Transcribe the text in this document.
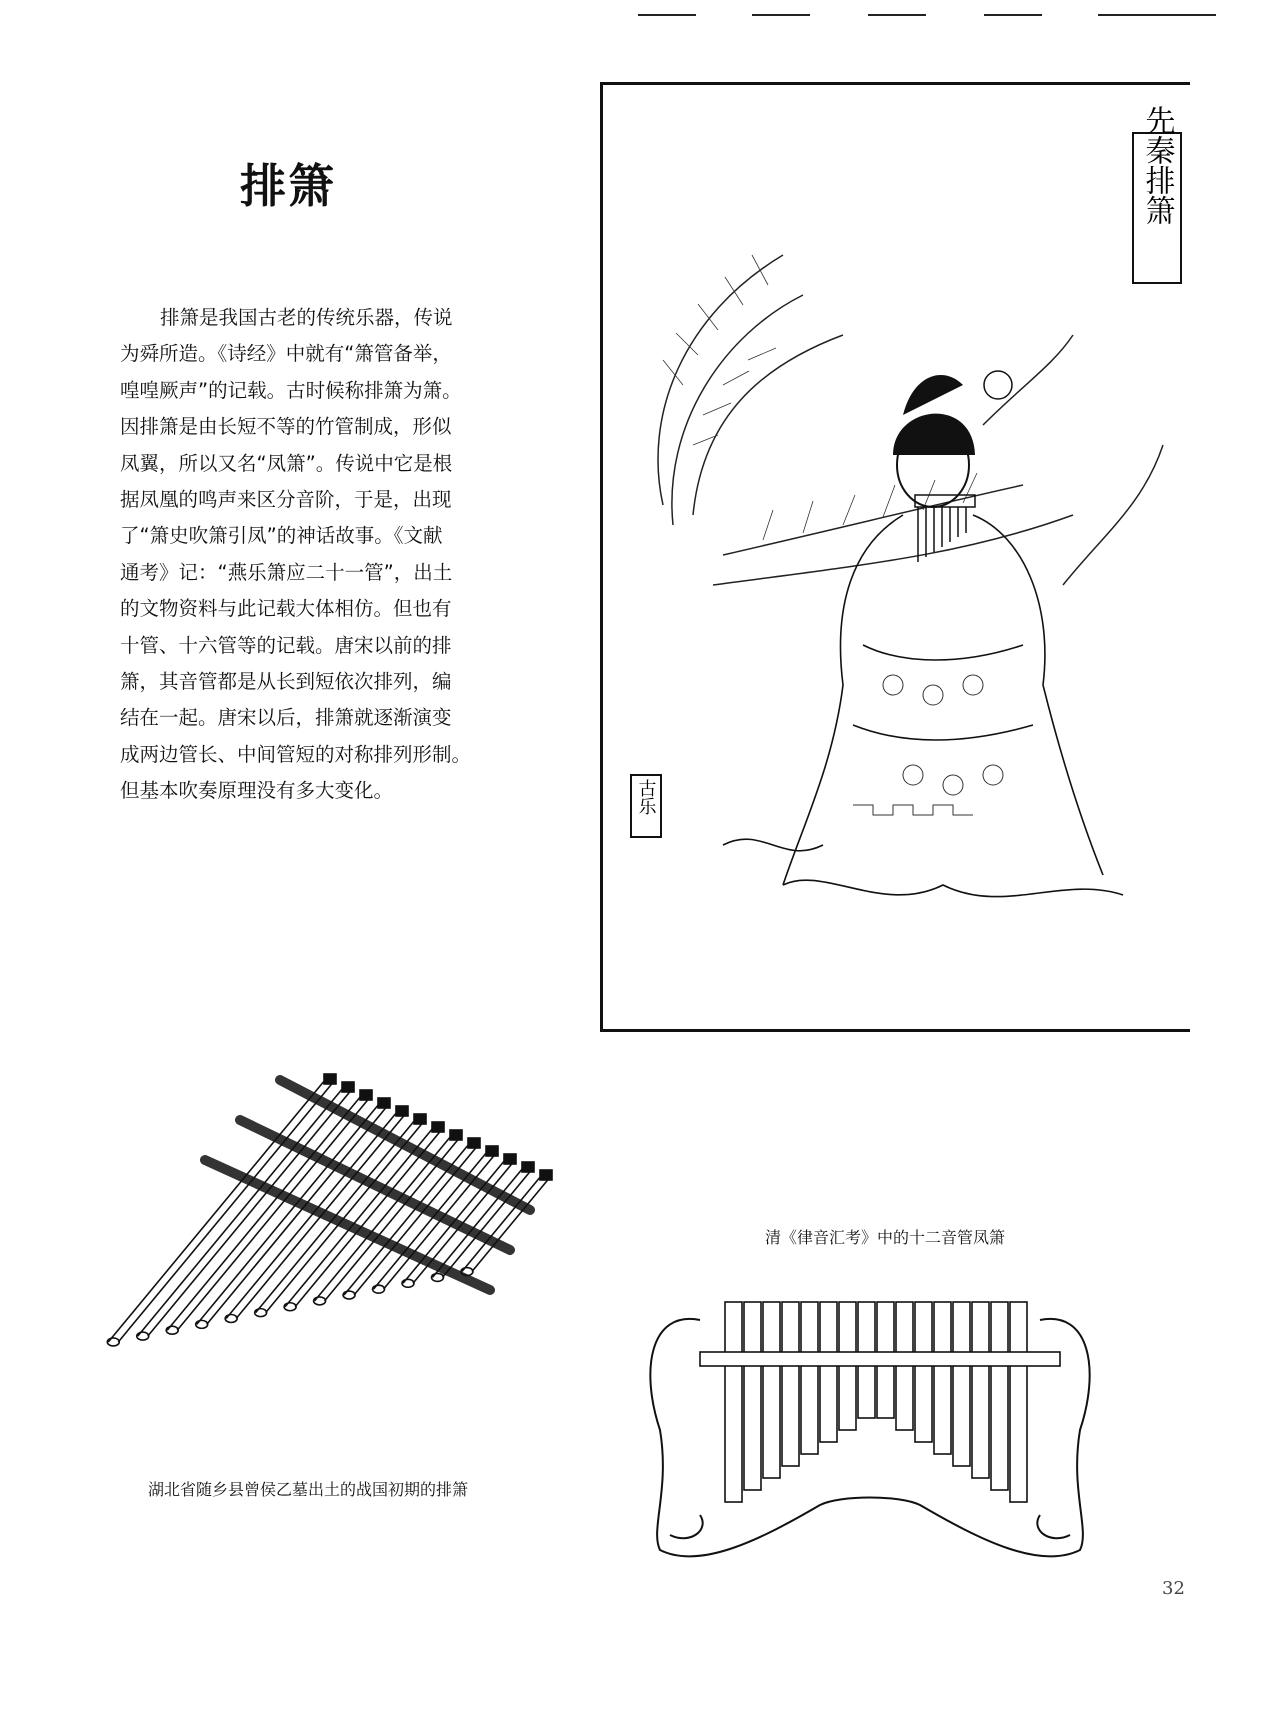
排箫
排箫是我国古老的传统乐器，传说
为舜所造。《诗经》中就有“箫管备举，
喤喤厥声”的记载。古时候称排箫为箫。
因排箫是由长短不等的竹管制成，形似
凤翼，所以又名“凤箫”。传说中它是根
据凤凰的鸣声来区分音阶，于是，出现
了“箫史吹箫引凤”的神话故事。《文献
通考》记：“燕乐箫应二十一管”，出土
的文物资料与此记载大体相仿。但也有
十管、十六管等的记载。唐宋以前的排
箫，其音管都是从长到短依次排列，编
结在一起。唐宋以后，排箫就逐渐演变
成两边管长、中间管短的对称排列形制。
但基本吹奏原理没有多大变化。
先秦排箫
古乐
清《律音汇考》中的十二音管凤箫
湖北省随乡县曾侯乙墓出土的战国初期的排箫
32
